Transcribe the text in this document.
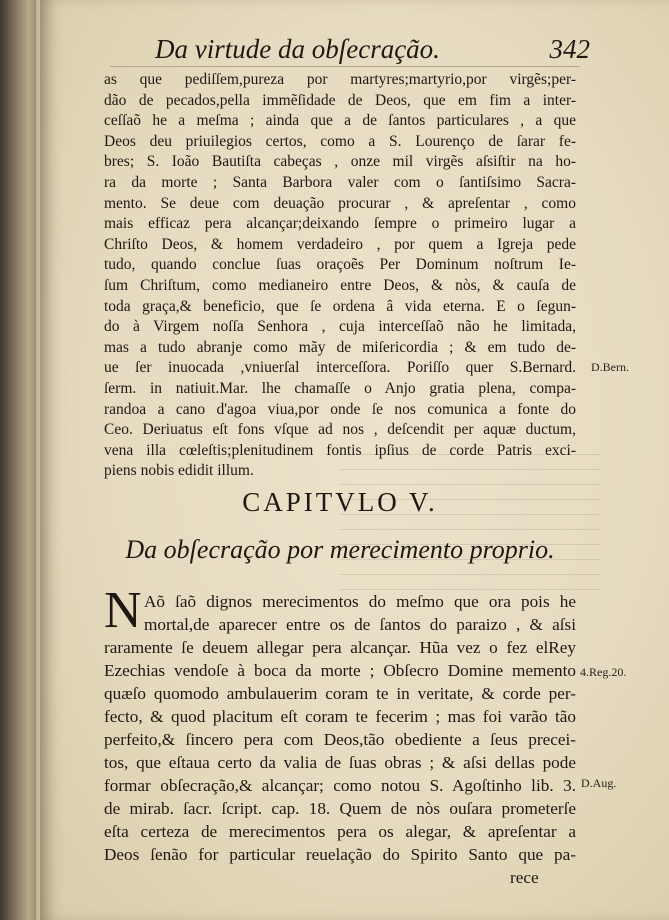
Da virtude da obſecração.	342
as que pediſſem,pureza por martyres;martyrio,por virgẽs;per-
dão de pecados,pella immẽſidade de Deos, que em fim a inter-
ceſſaõ he a meſma ; ainda que a de ſantos particulares , a que
Deos deu priuilegios certos, como a S. Lourenço de ſarar fe-
bres; S. Ioão Bautiſta cabeças , onze mil virgẽs aſsiſtir na ho-
ra da morte ; Santa Barbora valer com o ſantiſsimo Sacra-
mento. Se deue com deuação procurar , & apreſentar , como
mais efficaz pera alcançar;deixando ſempre o primeiro lugar a
Chriſto Deos, & homem verdadeiro , por quem a Igreja pede
tudo, quando conclue ſuas oraçoẽs Per Dominum noſtrum Ie-
ſum Chriſtum, como medianeiro entre Deos, & nòs, & cauſa de
toda graça,& beneficio, que ſe ordena â vida eterna. E o ſegun-
do à Virgem noſſa Senhora , cuja interceſſaõ não he limitada,
mas a tudo abranje como mãy de miſericordia ; & em tudo de-
ue ſer inuocada ,vniuerſal interceſſora. Poriſſo quer S.Bernard.
ſerm. in natiuit.Mar. lhe chamaſſe o Anjo gratia plena, compa-
randoa a cano d'agoa viua,por onde ſe nos comunica a fonte do
Ceo. Deriuatus eſt fons vſque ad nos , deſcendit per aquæ ductum,
vena illa cœleſtis;plenitudinem fontis ipſius de corde Patris exci-
piens nobis edidit illum.
CAPITVLO V.
Da obſecração por merecimento proprio.
N Aõ ſaõ dignos merecimentos do meſmo que ora pois he
mortal,de aparecer entre os de ſantos do paraizo , & aſsi
raramente ſe deuem allegar pera alcançar. Hũa vez o fez elRey
Ezechias vendoſe à boca da morte ; Obſecro Domine memento
quæſo quomodo ambulauerim coram te in veritate, & corde per-
fecto, & quod placitum eſt coram te fecerim ; mas foi varão tão
perfeito,& ſincero pera com Deos,tão obediente a ſeus precei-
tos, que eſtaua certo da valia de ſuas obras ; & aſsi dellas pode
formar obſecração,& alcançar; como notou S. Agoſtinho lib. 3.
de mirab. ſacr. ſcript. cap. 18. Quem de nòs ouſara prometerſe
eſta certeza de merecimentos pera os alegar, & apreſentar a
Deos ſenão for particular reuelação do Spirito Santo que pa-
rece
D.Bern.
4.Reg.20.
D.Aug.
